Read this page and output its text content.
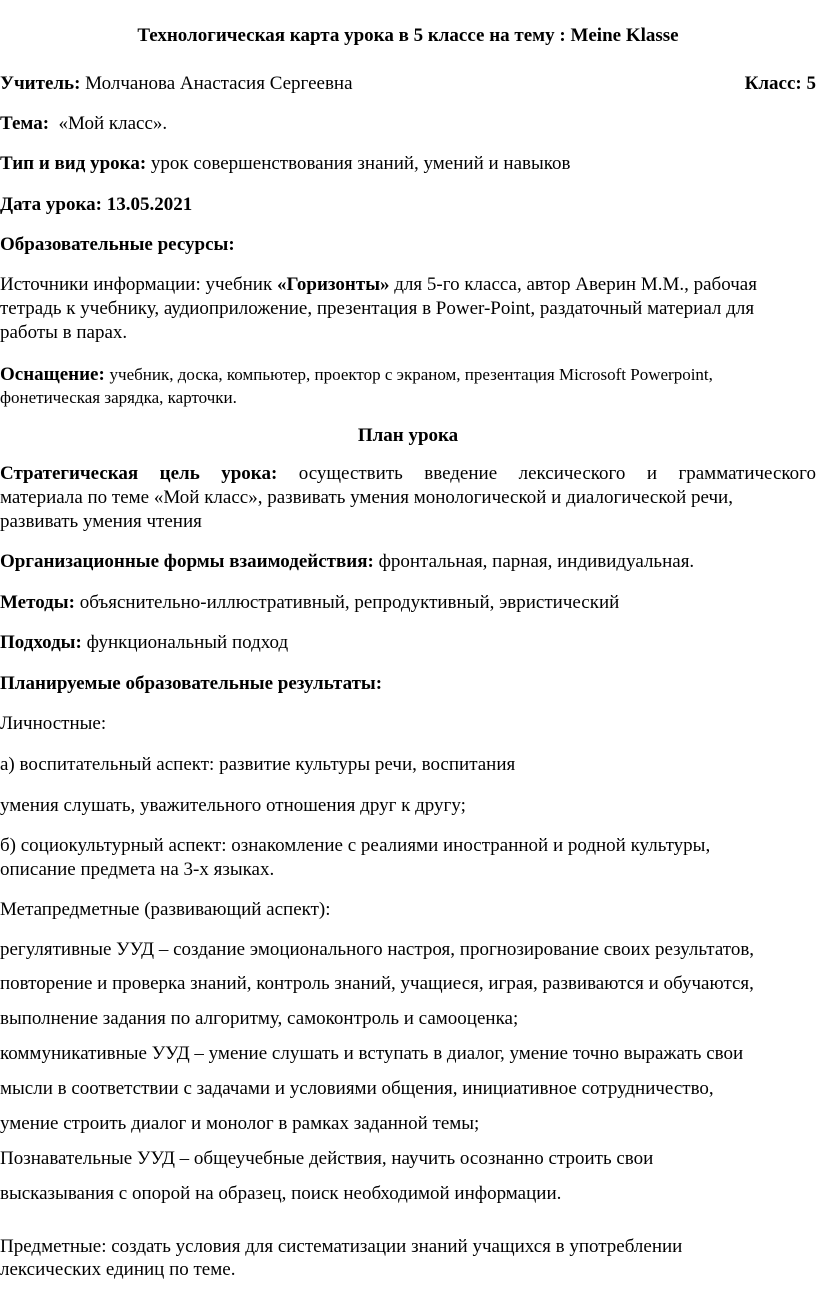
Технологическая карта урока в 5 классе на тему : Meine Klasse
Учитель: Молчанова Анастасия Сергеевна	Класс: 5
Тема: «Мой класс».
Тип и вид урока: урок совершенствования знаний, умений и навыков
Дата урока: 13.05.2021
Образовательные ресурсы:
Источники информации: учебник «Горизонты» для 5-го класса, автор Аверин М.М., рабочая
тетрадь к учебнику, аудиоприложение, презентация в Power-Point, раздаточный материал для
работы в парах.
Оснащение: учебник, доска, компьютер, проектор с экраном, презентация Microsoft Powerpoint,
фонетическая зарядка, карточки.
План урока
Стратегическая цель урока: осуществить введение лексического и грамматического
материала по теме «Мой класс», развивать умения монологической и диалогической речи,
развивать умения чтения
Организационные формы взаимодействия: фронтальная, парная, индивидуальная.
Методы: объяснительно-иллюстративный, репродуктивный, эвристический
Подходы: функциональный подход
Планируемые образовательные результаты:
Личностные:
а) воспитательный аспект: развитие культуры речи, воспитания
умения слушать, уважительного отношения друг к другу;
б) социокультурный аспект: ознакомление с реалиями иностранной и родной культуры,
описание предмета на 3-х языках.
Метапредметные (развивающий аспект):
регулятивные УУД – создание эмоционального настроя, прогнозирование своих результатов,
повторение и проверка знаний, контроль знаний, учащиеся, играя, развиваются и обучаются,
выполнение задания по алгоритму, самоконтроль и самооценка;
коммуникативные УУД – умение слушать и вступать в диалог, умение точно выражать свои
мысли в соответствии с задачами и условиями общения, инициативное сотрудничество,
умение строить диалог и монолог в рамках заданной темы;
Познавательные УУД – общеучебные действия, научить осознанно строить свои
высказывания с опорой на образец, поиск необходимой информации.
Предметные: создать условия для систематизации знаний учащихся в употреблении
лексических единиц по теме.
